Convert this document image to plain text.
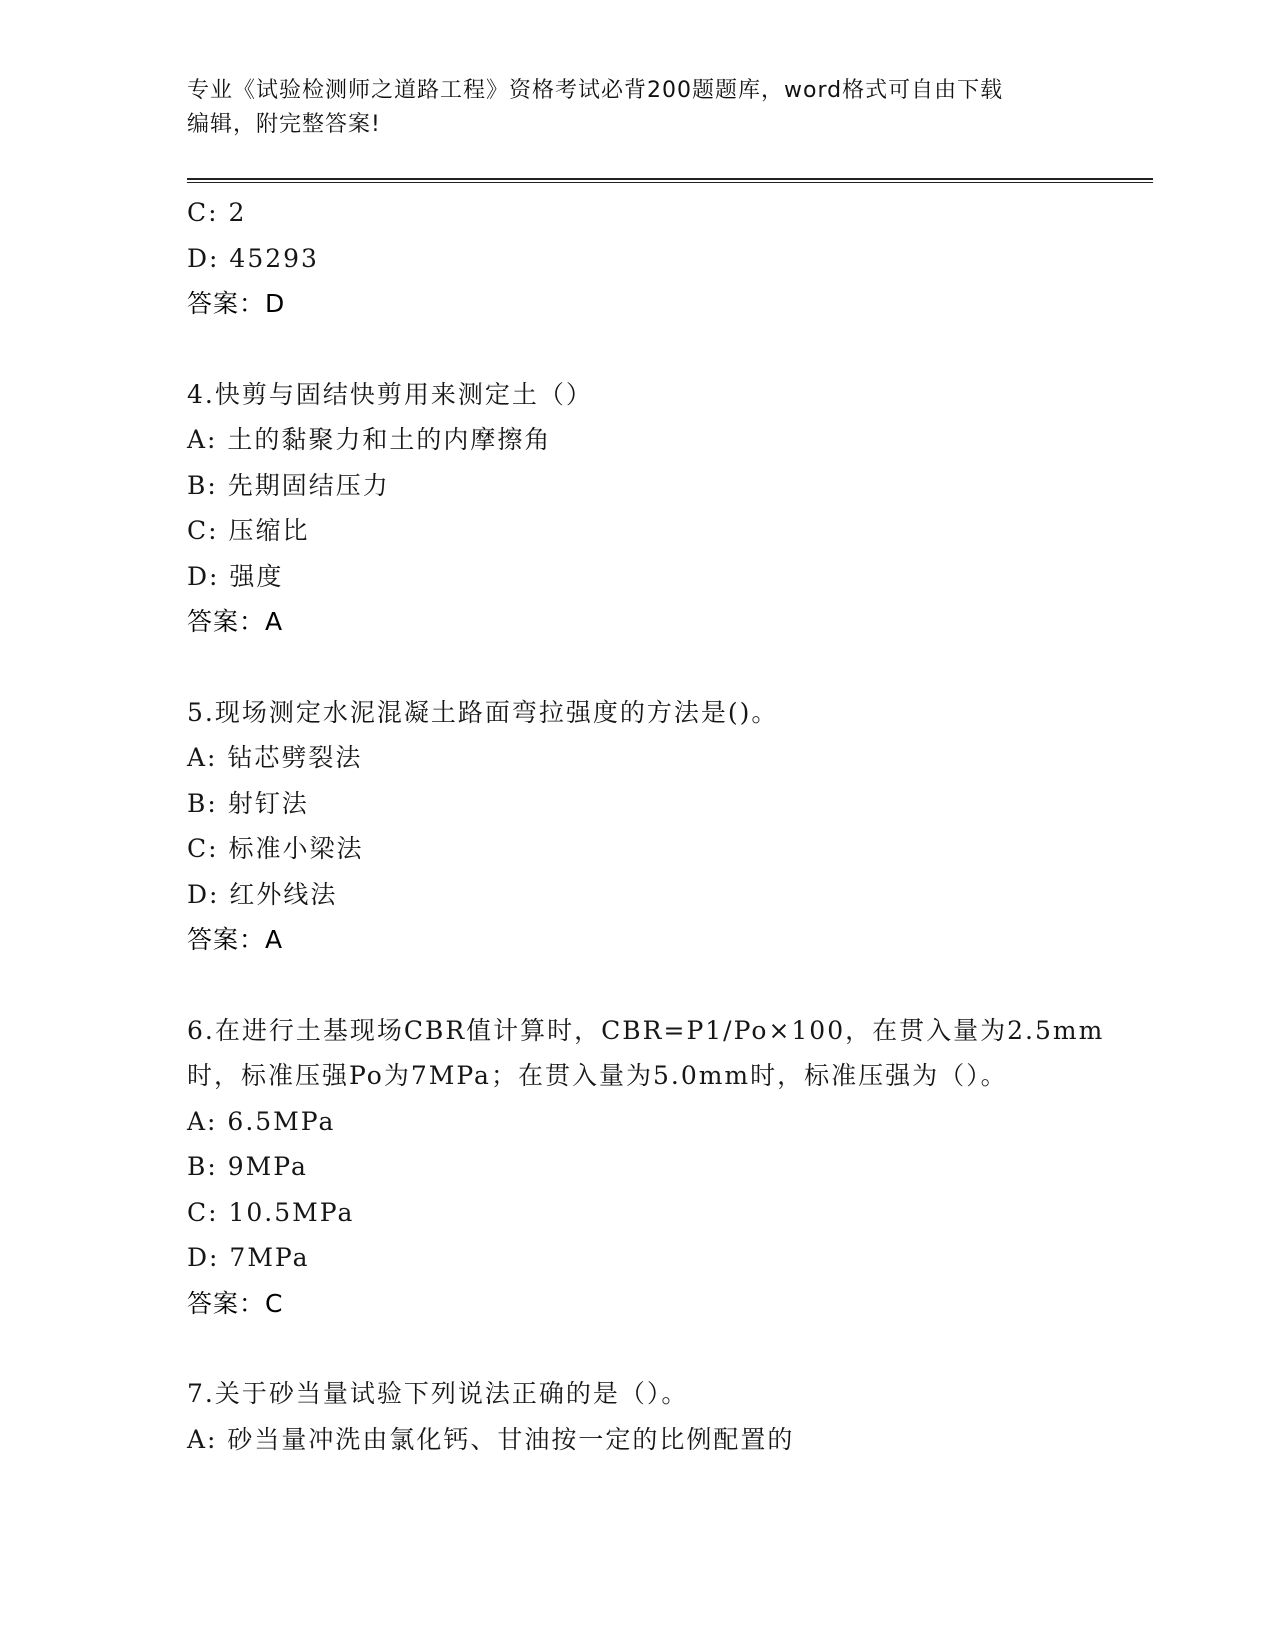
专业《试验检测师之道路工程》资格考试必背200题题库，word格式可自由下载
编辑，附完整答案!
C: 2
D: 45293
答案：D
4.快剪与固结快剪用来测定土（）
A: 土的黏聚力和土的内摩擦角
B: 先期固结压力
C: 压缩比
D: 强度
答案：A
5.现场测定水泥混凝土路面弯拉强度的方法是()。
A: 钻芯劈裂法
B: 射钉法
C: 标准小梁法
D: 红外线法
答案：A
6.在进行土基现场CBR值计算时，CBR=P1/Po×100，在贯入量为2.5mm
时，标准压强Po为7MPa；在贯入量为5.0mm时，标准压强为（）。
A: 6.5MPa
B: 9MPa
C: 10.5MPa
D: 7MPa
答案：C
7.关于砂当量试验下列说法正确的是（）。
A: 砂当量冲洗由氯化钙、甘油按一定的比例配置的
